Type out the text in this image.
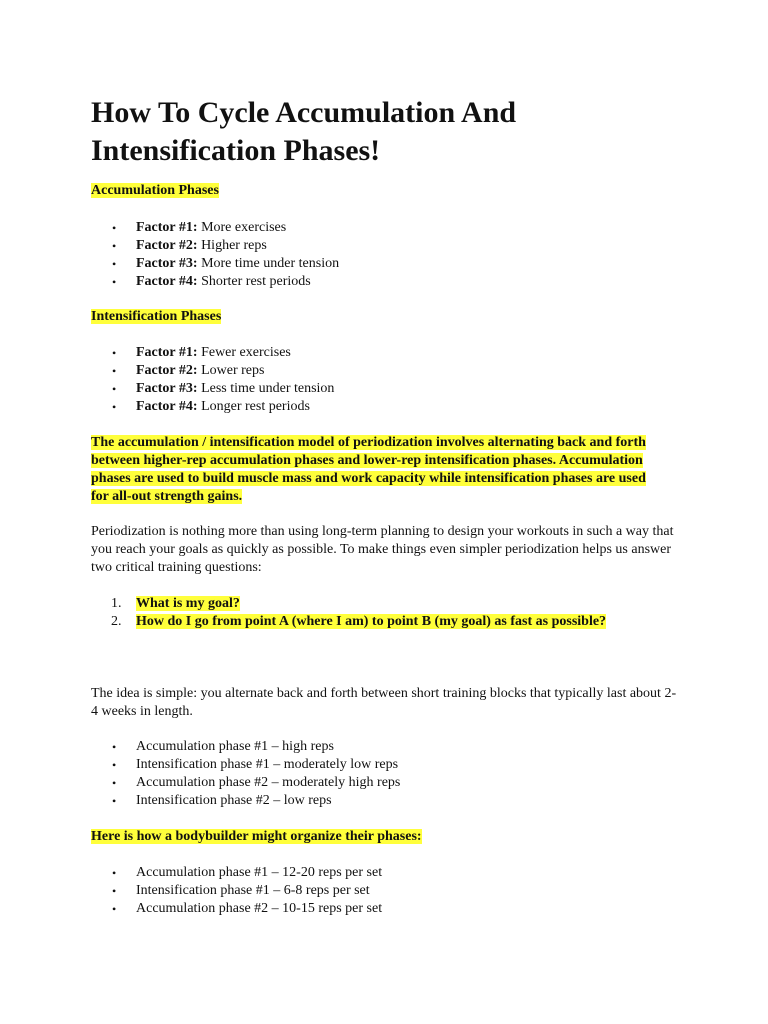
How To Cycle Accumulation And Intensification Phases!

Accumulation Phases

• Factor #1: More exercises
• Factor #2: Higher reps
• Factor #3: More time under tension
• Factor #4: Shorter rest periods

Intensification Phases

• Factor #1: Fewer exercises
• Factor #2: Lower reps
• Factor #3: Less time under tension
• Factor #4: Longer rest periods

The accumulation / intensification model of periodization involves alternating back and forth between higher-rep accumulation phases and lower-rep intensification phases. Accumulation phases are used to build muscle mass and work capacity while intensification phases are used for all-out strength gains.

Periodization is nothing more than using long-term planning to design your workouts in such a way that you reach your goals as quickly as possible. To make things even simpler periodization helps us answer two critical training questions:

1. What is my goal?
2. How do I go from point A (where I am) to point B (my goal) as fast as possible?

The idea is simple: you alternate back and forth between short training blocks that typically last about 2-4 weeks in length.

• Accumulation phase #1 – high reps
• Intensification phase #1 – moderately low reps
• Accumulation phase #2 – moderately high reps
• Intensification phase #2 – low reps

Here is how a bodybuilder might organize their phases:

• Accumulation phase #1 – 12-20 reps per set
• Intensification phase #1 – 6-8 reps per set
• Accumulation phase #2 – 10-15 reps per set
